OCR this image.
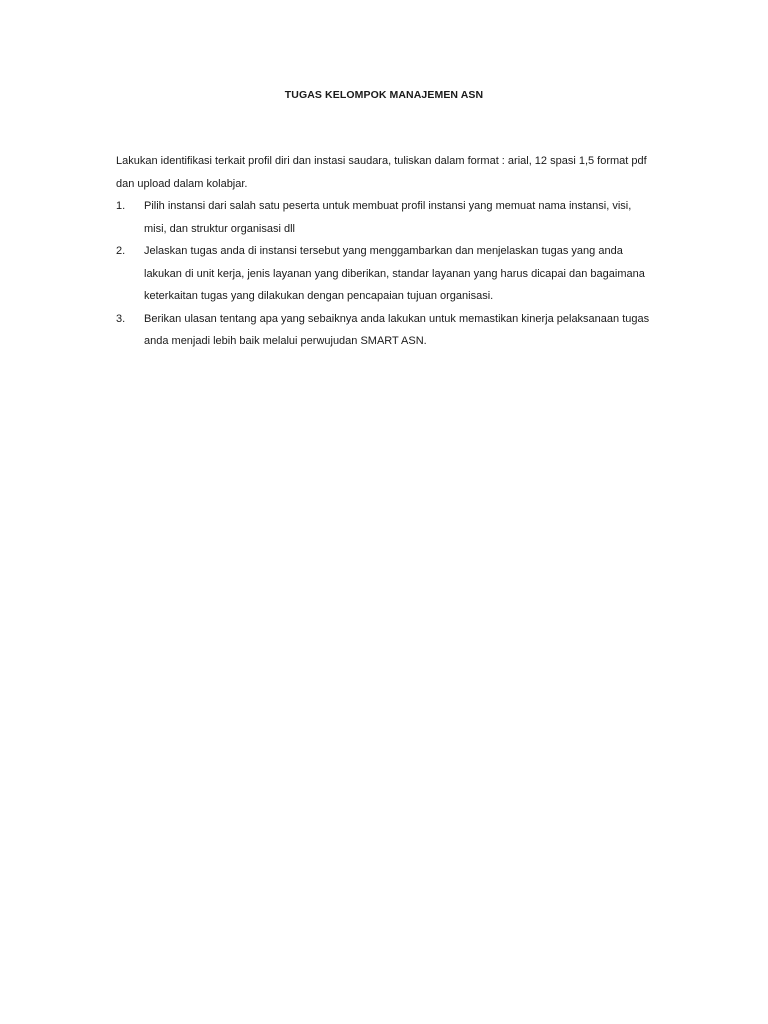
TUGAS KELOMPOK MANAJEMEN ASN

Lakukan identifikasi terkait profil diri dan instasi saudara, tuliskan dalam format : arial, 12 spasi 1,5 format pdf dan upload dalam kolabjar.

1.	Pilih instansi dari salah satu peserta untuk membuat profil instansi yang memuat nama instansi, visi, misi, dan struktur organisasi dll
2.	Jelaskan tugas anda di instansi tersebut yang menggambarkan dan menjelaskan tugas yang anda lakukan di unit kerja, jenis layanan yang diberikan, standar layanan yang harus dicapai dan bagaimana keterkaitan tugas yang dilakukan dengan pencapaian tujuan organisasi.
3.	Berikan ulasan tentang apa yang sebaiknya anda lakukan untuk memastikan kinerja pelaksanaan tugas anda menjadi lebih baik melalui perwujudan SMART ASN.
